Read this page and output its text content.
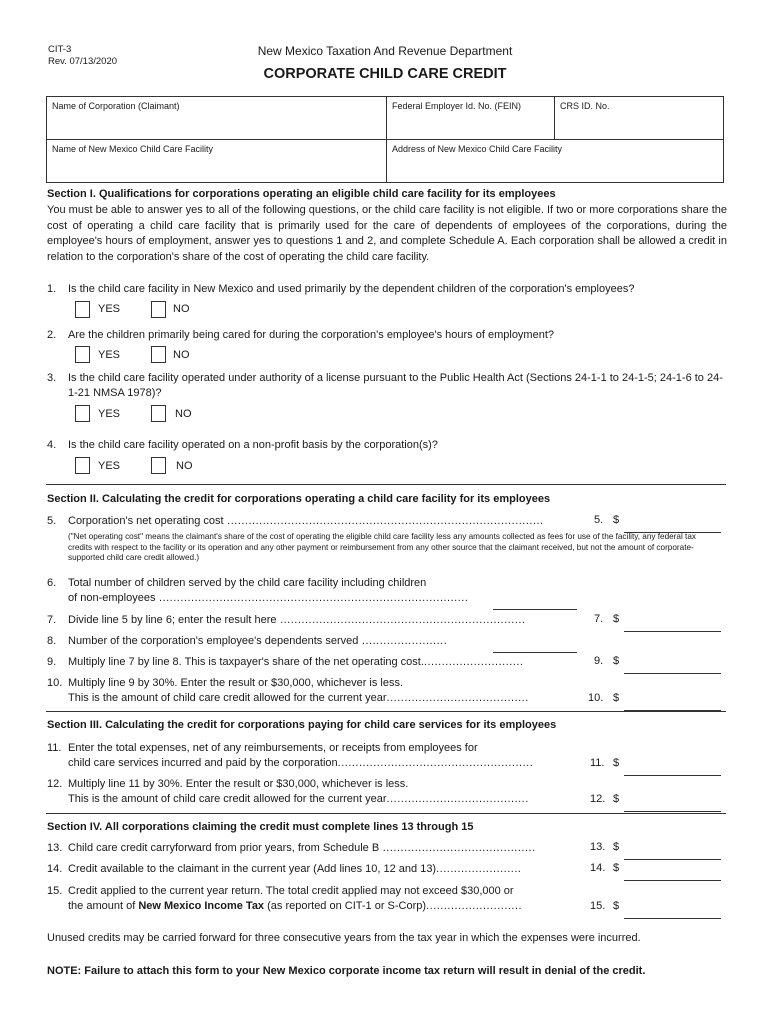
CIT-3
Rev. 07/13/2020
New Mexico Taxation And Revenue Department
CORPORATE CHILD CARE CREDIT
Name of Corporation (Claimant)	Federal Employer Id. No. (FEIN)	CRS ID. No.
Name of New Mexico Child Care Facility	Address of New Mexico Child Care Facility	
Section I. Qualifications for corporations operating an eligible child care facility for its employees
You must be able to answer yes to all of the following questions, or the child care facility is not eligible. If two or more corporations share the cost of operating a child care facility that is primarily used for the care of dependents of employees of the corporations, during the employee's hours of employment, answer yes to questions 1 and 2, and complete Schedule A. Each corporation shall be allowed a credit in relation to the corporation's share of the cost of operating the child care facility.
1. Is the child care facility in New Mexico and used primarily by the dependent children of the corporation's employees?
YES	NO
2. Are the children primarily being cared for during the corporation's employee's hours of employment?
YES	NO
3. Is the child care facility operated under authority of a license pursuant to the Public Health Act (Sections 24-1-1 to 24-1-5; 24-1-6 to 24-1-21 NMSA 1978)?
YES	NO
4. Is the child care facility operated on a non-profit basis by the corporation(s)?
YES	NO
Section II. Calculating the credit for corporations operating a child care facility for its employees
5. Corporation's net operating cost .........................................................................................	5. $
("Net operating cost" means the claimant's share of the cost of operating the eligible child care facility less any amounts collected as fees for use of the facility, any federal tax credits with respect to the facility or its operation and any other payment or reimbursement from any other source that the claimant received, but not the amount of corporate-supported child care credit allowed.)
6. Total number of children served by the child care facility including children
of non-employees .......................................................................................
7. Divide line 5 by line 6; enter the result here .....................................................................	7. $
8. Number of the corporation's employee's dependents served ........................
9. Multiply line 7 by line 8. This is taxpayer's share of the net operating cost.............................	9. $
10. Multiply line 9 by 30%. Enter the result or $30,000, whichever is less.
This is the amount of child care credit allowed for the current year........................................	10. $
Section III. Calculating the credit for corporations paying for child care services for its employees
11. Enter the total expenses, net of any reimbursements, or receipts from employees for
child care services incurred and paid by the corporation.......................................................	11. $
12. Multiply line 11 by 30%. Enter the result or $30,000, whichever is less.
This is the amount of child care credit allowed for the current year........................................	12. $
Section IV. All corporations claiming the credit must complete lines 13 through 15
13. Child care credit carryforward from prior years, from Schedule B ...........................................	13. $
14. Credit available to the claimant in the current year (Add lines 10, 12 and 13)........................	14. $
15. Credit applied to the current year return. The total credit applied may not exceed $30,000 or
the amount of New Mexico Income Tax (as reported on CIT-1 or S-Corp)...........................	15. $
Unused credits may be carried forward for three consecutive years from the tax year in which the expenses were incurred.
NOTE: Failure to attach this form to your New Mexico corporate income tax return will result in denial of the credit.
